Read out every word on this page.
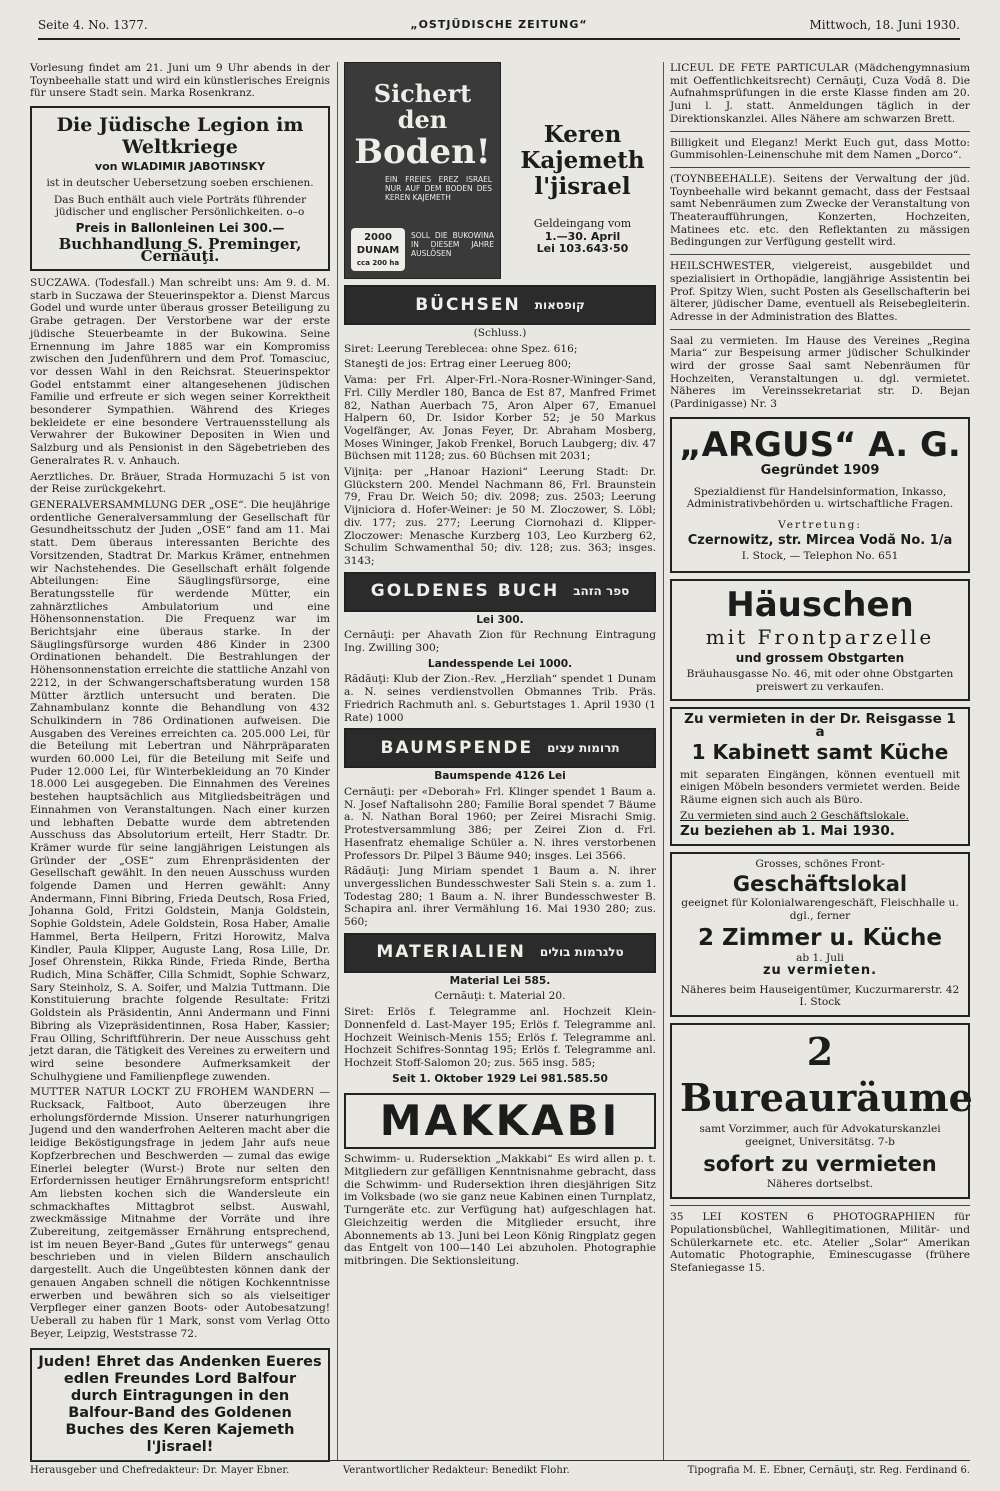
Seite 4. No. 1377.	„OSTJÜDISCHE ZEITUNG“	Mittwoch, 18. Juni 1930.

Vorlesung findet am 21. Juni um 9 Uhr abends in der Toynbeehalle statt und wird ein künstlerisches Ereignis für unsere Stadt sein. Marka Rosenkranz.

Die Jüdische Legion im Weltkriege
von WLADIMIR JABOTINSKY
ist in deutscher Uebersetzung soeben erschienen.
Das Buch enthält auch viele Porträts führender jüdischer und englischer Persönlichkeiten. o–o
Preis in Ballonleinen Lei 300.—
Buchhandlung S. Preminger, Cernăuţi.

SUCZAWA. (Todesfall.) Man schreibt uns: Am 9. d. M. starb in Suczawa der Steuerinspektor a. Dienst Marcus Godel und wurde unter überaus grosser Beteiligung zu Grabe getragen. Der Verstorbene war der erste jüdische Steuerbeamte in der Bukowina. Seine Ernennung im Jahre 1885 war ein Kompromiss zwischen den Judenführern und dem Prof. Tomasciuc, vor dessen Wahl in den Reichsrat. Steuerinspektor Godel entstammt einer altangesehenen jüdischen Familie und erfreute er sich wegen seiner Korrektheit besonderer Sympathien. Während des Krieges bekleidete er eine besondere Vertrauensstellung als Verwahrer der Bukowiner Depositen in Wien und Salzburg und als Pensionist in den Sägebetrieben des Generalrates R. v. Anhauch.

Aerztliches. Dr. Bräuer, Strada Hormuzachi 5 ist von der Reise zurückgekehrt.

GENERALVERSAMMLUNG DER „OSE“. Die heujährige ordentliche Generalversammlung der Gesellschaft für Gesundheitsschutz der Juden „OSE“ fand am 11. Mai statt. Dem überaus interessanten Berichte des Vorsitzenden, Stadtrat Dr. Markus Krämer, entnehmen wir Nachstehendes. Die Gesellschaft erhält folgende Abteilungen: Eine Säuglingsfürsorge, eine Beratungsstelle für werdende Mütter, ein zahnärztliches Ambulatorium und eine Höhensonnenstation. Die Frequenz war im Berichtsjahr eine überaus starke. In der Säuglingsfürsorge wurden 486 Kinder in 2300 Ordinationen behandelt. Die Bestrahlungen der Höhensonnenstation erreichte die stattliche Anzahl von 2212, in der Schwangerschaftsberatung wurden 158 Mütter ärztlich untersucht und beraten. Die Zahnambulanz konnte die Behandlung von 432 Schulkindern in 786 Ordinationen aufweisen. Die Ausgaben des Vereines erreichten ca. 205.000 Lei, für die Beteilung mit Lebertran und Nährpräparaten wurden 60.000 Lei, für die Beteilung mit Seife und Puder 12.000 Lei, für Winterbekleidung an 70 Kinder 18.000 Lei ausgegeben. Die Einnahmen des Vereines bestehen hauptsächlich aus Mitgliedsbeiträgen und Einnahmen von Veranstaltungen. Nach einer kurzen und lebhaften Debatte wurde dem abtretenden Ausschuss das Absolutorium erteilt, Herr Stadtr. Dr. Krämer wurde für seine langjährigen Leistungen als Gründer der „OSE“ zum Ehrenpräsidenten der Gesellschaft gewählt. In den neuen Ausschuss wurden folgende Damen und Herren gewählt: Anny Andermann, Finni Bibring, Frieda Deutsch, Rosa Fried, Johanna Gold, Fritzi Goldstein, Manja Goldstein, Sophie Goldstein, Adele Goldstein, Rosa Haber, Amalie Hammel, Berta Heilpern, Fritzi Horowitz, Malva Kindler, Paula Klipper, Auguste Lang, Rosa Lille, Dr. Josef Ohrenstein, Rikka Rinde, Frieda Rinde, Bertha Rudich, Mina Schäffer, Cilla Schmidt, Sophie Schwarz, Sary Steinholz, S. A. Soifer, und Malzia Tuttmann. Die Konstituierung brachte folgende Resultate: Fritzi Goldstein als Präsidentin, Anni Andermann und Finni Bibring als Vizepräsidentinnen, Rosa Haber, Kassier; Frau Olling, Schriftführerin. Der neue Ausschuss geht jetzt daran, die Tätigkeit des Vereines zu erweitern und wird seine besondere Aufmerksamkeit der Schulhygiene und Familienpflege zuwenden.

MUTTER NATUR LOCKT ZU FROHEM WANDERN — Rucksack, Faltboot, Auto überzeugen ihre erholungsfördernde Mission. Unserer naturhungrigen Jugend und den wanderfrohen Aelteren macht aber die leidige Beköstigungsfrage in jedem Jahr aufs neue Kopfzerbrechen und Beschwerden — zumal das ewige Einerlei belegter (Wurst-) Brote nur selten den Erfordernissen heutiger Ernährungsreform entspricht! Am liebsten kochen sich die Wandersleute ein schmackhaftes Mittagbrot selbst. Auswahl, zweckmässige Mitnahme der Vorräte und ihre Zubereitung, zeitgemässer Ernährung entsprechend, ist im neuen Beyer-Band „Gutes für unterwegs“ genau beschrieben und in vielen Bildern anschaulich dargestellt. Auch die Ungeübtesten können dank der genauen Angaben schnell die nötigen Kochkenntnisse erwerben und bewähren sich so als vielseitiger Verpfleger einer ganzen Boots- oder Autobesatzung! Ueberall zu haben für 1 Mark, sonst vom Verlag Otto Beyer, Leipzig, Weststrasse 72.

Juden! Ehret das Andenken Eueres edlen Freundes Lord Balfour durch Eintragungen in den Balfour-Band des Goldenen Buches des Keren Kajemeth l'Jisrael!
Sichert den
Boden!
EIN FREIES EREZ ISRAEL NUR AUF DEM BODEN DES KEREN KAJEMETH
2000 DUNAM
cca 200 ha
SOLL DIE BUKOWINA IN DIESEM JAHRE AUSLÖSEN
Keren Kajemeth
l'jisrael
Geldeingang vom
1.—30. April
Lei 103.643·50
BÜCHSEN קופסאות

(Schluss.)

Siret: Leerung Tereblecea: ohne Spez. 616;

Staneşti de jos: Ertrag einer Leerueg 800;

Vama: per Frl. Alper-Frl.-Nora-Rosner-Wininger-Sand, Frl. Cilly Merdler 180, Banca de Est 87, Manfred Frimet 82, Nathan Auerbach 75, Aron Alper 67, Emanuel Halpern 60, Dr. Isidor Korber 52; je 50 Markus Vogelfänger, Av. Jonas Feyer, Dr. Abraham Mosberg, Moses Wininger, Jakob Frenkel, Boruch Laubgerg; div. 47 Büchsen mit 1128; zus. 60 Büchsen mit 2031;

Vijniţa: per „Hanoar Hazioni“ Leerung Stadt: Dr. Glückstern 200. Mendel Nachmann 86, Frl. Braunstein 79, Frau Dr. Weich 50; div. 2098; zus. 2503; Leerung Vijniciora d. Hofer-Weiner: je 50 M. Zloczower, S. Löbl; div. 177; zus. 277; Leerung Ciornohazi d. Klipper-Zloczower: Menasche Kurzberg 103, Leo Kurzberg 62, Schulim Schwamenthal 50; div. 128; zus. 363; insges. 3143;

GOLDENES BUCH ספר הזהב

Lei 300.

Cernăuţi: per Ahavath Zion für Rechnung Eintragung Ing. Zwilling 300;

Landesspende Lei 1000.

Rădăuţi: Klub der Zion.-Rev. „Herzliah“ spendet 1 Dunam a. N. seines verdienstvollen Obmannes Trib. Präs. Friedrich Rachmuth anl. s. Geburtstages 1. April 1930 (1 Rate) 1000

BAUMSPENDE תרומות עצים

Baumspende 4126 Lei

Cernăuţi: per «Deborah» Frl. Klinger spendet 1 Baum a. N. Josef Naftalisohn 280; Familie Boral spendet 7 Bäume a. N. Nathan Boral 1960; per Zeirei Misrachi Smig. Protestversammlung 386; per Zeirei Zion d. Frl. Hasenfratz ehemalige Schüler a. N. ihres verstorbenen Professors Dr. Pilpel 3 Bäume 940; insges. Lei 3566.

Rădăuţi: Jung Miriam spendet 1 Baum a. N. ihrer unvergesslichen Bundesschwester Sali Stein s. a. zum 1. Todestag 280; 1 Baum a. N. ihrer Bundesschwester B. Schapira anl. ihrer Vermählung 16. Mai 1930 280; zus. 560;

MATERIALIEN טלגרמות בולים

Material Lei 585.

Cernăuţi: t. Material 20.

Siret: Erlös f. Telegramme anl. Hochzeit Klein-Donnenfeld d. Last-Mayer 195; Erlös f. Telegramme anl. Hochzeit Weinisch-Menis 155; Erlös f. Telegramme anl. Hochzeit Schifres-Sonntag 195; Erlös f. Telegramme anl. Hochzeit Stoff-Salomon 20; zus. 565 insg. 585;

Seit 1. Oktober 1929 Lei 981.585.50

MAKKABI

Schwimm- u. Rudersektion „Makkabi“ Es wird allen p. t. Mitgliedern zur gefälligen Kenntnisnahme gebracht, dass die Schwimm- und Rudersektion ihren diesjährigen Sitz im Volksbade (wo sie ganz neue Kabinen einen Turnplatz, Turngeräte etc. zur Verfügung hat) aufgeschlagen hat. Gleichzeitig werden die Mitglieder ersucht, ihre Abonnements ab 13. Juni bei Leon König Ringplatz gegen das Entgelt von 100—140 Lei abzuholen. Photographie mitbringen. Die Sektionsleitung.

LICEUL DE FETE PARTICULAR (Mädchengymnasium mit Oeffentlichkeitsrecht) Cernăuţi, Cuza Vodă 8. Die Aufnahmsprüfungen in die erste Klasse finden am 20. Juni l. J. statt. Anmeldungen täglich in der Direktionskanzlei. Alles Nähere am schwarzen Brett.

Billigkeit und Eleganz! Merkt Euch gut, dass Motto: Gummisohlen-Leinenschuhe mit dem Namen „Dorco“.

(TOYNBEEHALLE). Seitens der Verwaltung der jüd. Toynbeehalle wird bekannt gemacht, dass der Festsaal samt Nebenräumen zum Zwecke der Veranstaltung von Theateraufführungen, Konzerten, Hochzeiten, Matinees etc. etc. den Reflektanten zu mässigen Bedingungen zur Verfügung gestellt wird.

HEILSCHWESTER, vielgereist, ausgebildet und spezialisiert in Orthopädie, langjährige Assistentin bei Prof. Spitzy Wien, sucht Posten als Gesellschafterin bei älterer, jüdischer Dame, eventuell als Reisebegleiterin. Adresse in der Administration des Blattes.

Saal zu vermieten. Im Hause des Vereines „Regina Maria“ zur Bespeisung armer jüdischer Schulkinder wird der grosse Saal samt Nebenräumen für Hochzeiten, Veranstaltungen u. dgl. vermietet. Näheres im Vereinssekretariat str. D. Bejan (Pardinigasse) Nr. 3

„ARGUS“ A. G.
Gegründet 1909
Spezialdienst für Handelsinformation, Inkasso, Administrativbehörden u. wirtschaftliche Fragen.
Vertretung:
Czernowitz, str. Mircea Vodă No. 1/a
I. Stock, — Telephon No. 651
Häuschen
mit Frontparzelle
und grossem Obstgarten
Bräuhausgasse No. 46, mit oder ohne Obstgarten preiswert zu verkaufen.
Zu vermieten in der Dr. Reisgasse 1 a
1 Kabinett samt Küche
mit separaten Eingängen, können eventuell mit einigen Möbeln besonders vermietet werden. Beide Räume eignen sich auch als Büro.
Zu vermieten sind auch 2 Geschäftslokale.
Zu beziehen ab 1. Mai 1930.
Grosses, schönes Front-
Geschäftslokal
geeignet für Kolonialwarengeschäft, Fleischhalle u. dgl., ferner
2 Zimmer u. Küche
ab 1. Juli
zu vermieten.
Näheres beim Hauseigentümer, Kuczurmarerstr. 42 I. Stock
2 Bureauräume
samt Vorzimmer, auch für Advokaturskanzlei geeignet, Universitätsg. 7-b
sofort zu vermieten
Näheres dortselbst.

35 LEI KOSTEN 6 PHOTOGRAPHIEN für Populationsbüchel, Wahllegitimationen, Militär- und Schülerkarnete etc. etc. Atelier „Solar“ Amerikan Automatic Photographie, Eminescugasse (frühere Stefaniegasse 15.

Herausgeber und Chefredakteur: Dr. Mayer Ebner.	Verantwortlicher Redakteur: Benedikt Flohr.	Tipografia M. E. Ebner, Cernăuţi, str. Reg. Ferdinand 6.
